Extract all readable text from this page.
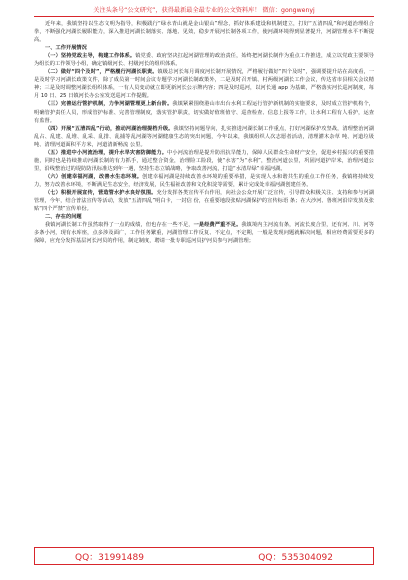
关注头条号“公文研究”，获得最新最全最专业的公文资料库！ 微信：gongwenyj

近年来，我镇坚持以生态文明为指导，积极践行“绿水青山就是金山银山”理念，抓好体系建设和机制建立，打好“五清四乱”和河道治理组合拳，不断强化河湖长履职能力，深入推进河湖长制落实、落地、见效，稳步开展河长制各项工作，使河湖环境得到显著提升，河湖管理水平不断提高。

一、工作开展情况

（一）坚持党政主导，构建工作体系。镇党委、政府坚决扛起河湖管理的政治责任，始终把河湖长制作为重点工作推进，成立以党政主要领导为组长的工作领导小组，确定镇级河长、村级河长的组织体系。

（二）做好“四个及时”，严格履行河湖长职责。镇级总河长每月调度河长制开展情况，严格履行做好“四个及时”，强调要提升站在高度看，一是及时学习河湖长政策文件，除了成员第一时间会议专题学习河湖长制政策外，二是及时召开镇、村两级河湖长工作会议，传达省市县相关会议精神；三是及时调整河湖长组织体系，一有人员变动就立即更新河长公示牌内容；四是及时巡河，以河长通 app 为基础，严格落实河长巡河制度，每月 10 日、25 日镇河长办公室发送巡河工作提醒。

（三）完善运行管护机制，力争河湖管理更上新台阶。我镇紧紧围绕港山市出台水利工程运行管护新机制的实施要求，及时成立管护机构个，明确管护责任人员，形成管护标准、完善管理制度，落实管护职责，切实做好值班值守、巡查检查、信息上报等工作，让水利工程有人看护，运查有监督。

（四）开展“五清四乱”行动，推动河湖治理提档升级。我镇坚持问题导向，扎实推进河湖长制工作重点，打好河湖保护攻坚战，清理整治河湖乱占、乱建、乱堆、乱采、乱排、乱捕等乱河湖等河湖健康生态的突出问题，今年以来，我镇组织人次志愿者活动，清理灌木杂草 吨、河道垃圾吨、清理河道面积平方米，河道清新畅流 公里。

（五）推进中小河流治理，提升水旱灾害防御能力。中小河流治理是提升防汛抗旱能力，保障人民群众生命财产安全，促进乡村振兴的重要措施，同时也是持续推动河湖长制的有力抓手，通过整合资金，治理险工险段，使“水害”为“水利”，整治河道公里，巩固河道护岸米，治理河道公里，沿线整治过的堤防防汛标准达到年一遇，坚持生态立镇战略，争取改善河流，打造“水清岸绿”幸福河湖。

（六）创建幸福河湖，改善水生态环境。创建幸福河湖是持续改善水环境的重要举措，是实现人水和谐共生的重点工作任务，我镇将持续发力，努力改善水环境，不断满足生态安全，经济发展，民生福祉改善和文化积淀等需要，累计完成处幸福河湖创建任务。

（七）积极开展宣传，营造管水护水良好氛围。充分发挥各类宣传平台作用，向社会公众开展广泛宣传，引导群众积极关注、支持和参与河湖管理，今年，结合普法宣传等活动，发放“五清四乱”明白卡，一封信 份，在重要地段张贴河湖保护的宣传标语 条；在大沙河、鲁班河沿岸发放及张贴“四个严禁”宣传单份。

二、存在的问题

我镇河湖长制工作虽然取得了一点的成绩，但也存在一些不足，一是经费严重不足。我镇境内主河流有条，河流长度合里，还有河、川、河等多条小河，现有水库座，点多涉及面广，工作任务繁重，河湖管理工作反复、不定点，不定期，一般是发现问题就解决问题，相应经费需要更多的保障，应充分发挥基层河长河员的作用，制定制度，聘请一批专职巡河员护河员参与河湖管理；

QQ：31991489	QQ：535304092
